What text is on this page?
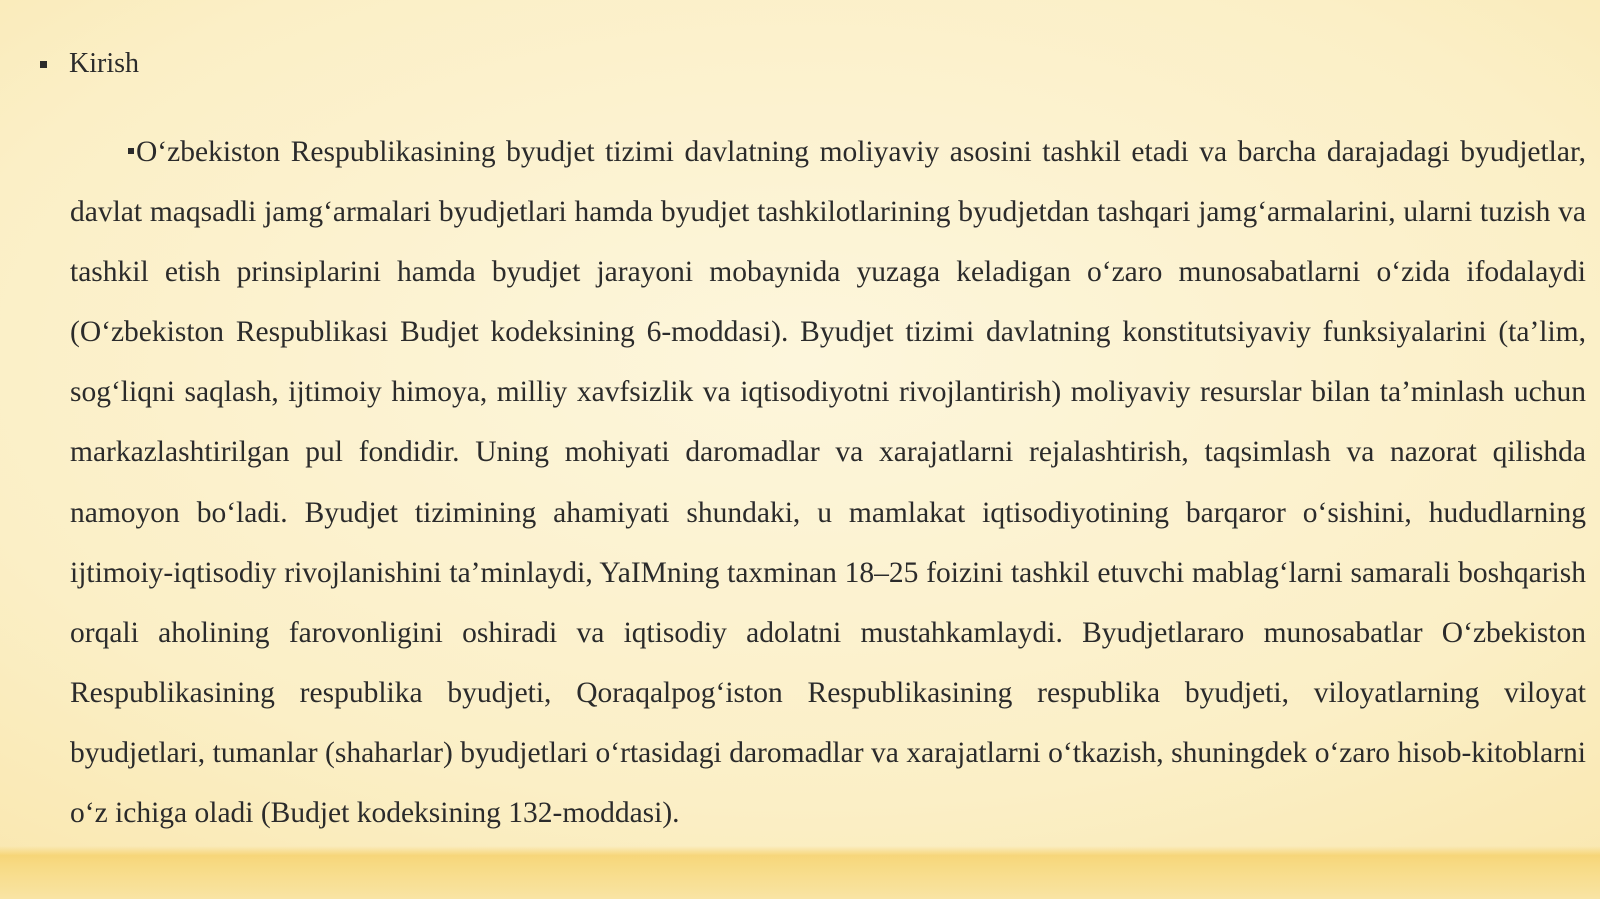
Kirish

O‘zbekiston Respublikasining byudjet tizimi davlatning moliyaviy asosini tashkil etadi va barcha darajadagi byudjetlar, davlat maqsadli jamg‘armalari byudjetlari hamda byudjet tashkilotlarining byudjetdan tashqari jamg‘armalarini, ularni tuzish va tashkil etish prinsiplarini hamda byudjet jarayoni mobaynida yuzaga keladigan o‘zaro munosabatlarni o‘zida ifodalaydi (O‘zbekiston Respublikasi Budjet kodeksining 6-moddasi). Byudjet tizimi davlatning konstitutsiyaviy funksiyalarini (ta’lim, sog‘liqni saqlash, ijtimoiy himoya, milliy xavfsizlik va iqtisodiyotni rivojlantirish) moliyaviy resurslar bilan ta’minlash uchun markazlashtirilgan pul fondidir. Uning mohiyati daromadlar va xarajatlarni rejalashtirish, taqsimlash va nazorat qilishda namoyon bo‘ladi. Byudjet tizimining ahamiyati shundaki, u mamlakat iqtisodiyotining barqaror o‘sishini, hududlarning ijtimoiy-iqtisodiy rivojlanishini ta’minlaydi, YaIMning taxminan 18–25 foizini tashkil etuvchi mablag‘larni samarali boshqarish orqali aholining farovonligini oshiradi va iqtisodiy adolatni mustahkamlaydi. Byudjetlararo munosabatlar O‘zbekiston Respublikasining respublika byudjeti, Qoraqalpog‘iston Respublikasining respublika byudjeti, viloyatlarning viloyat byudjetlari, tumanlar (shaharlar) byudjetlari o‘rtasidagi daromadlar va xarajatlarni o‘tkazish, shuningdek o‘zaro hisob-kitoblarni o‘z ichiga oladi (Budjet kodeksining 132-moddasi).
